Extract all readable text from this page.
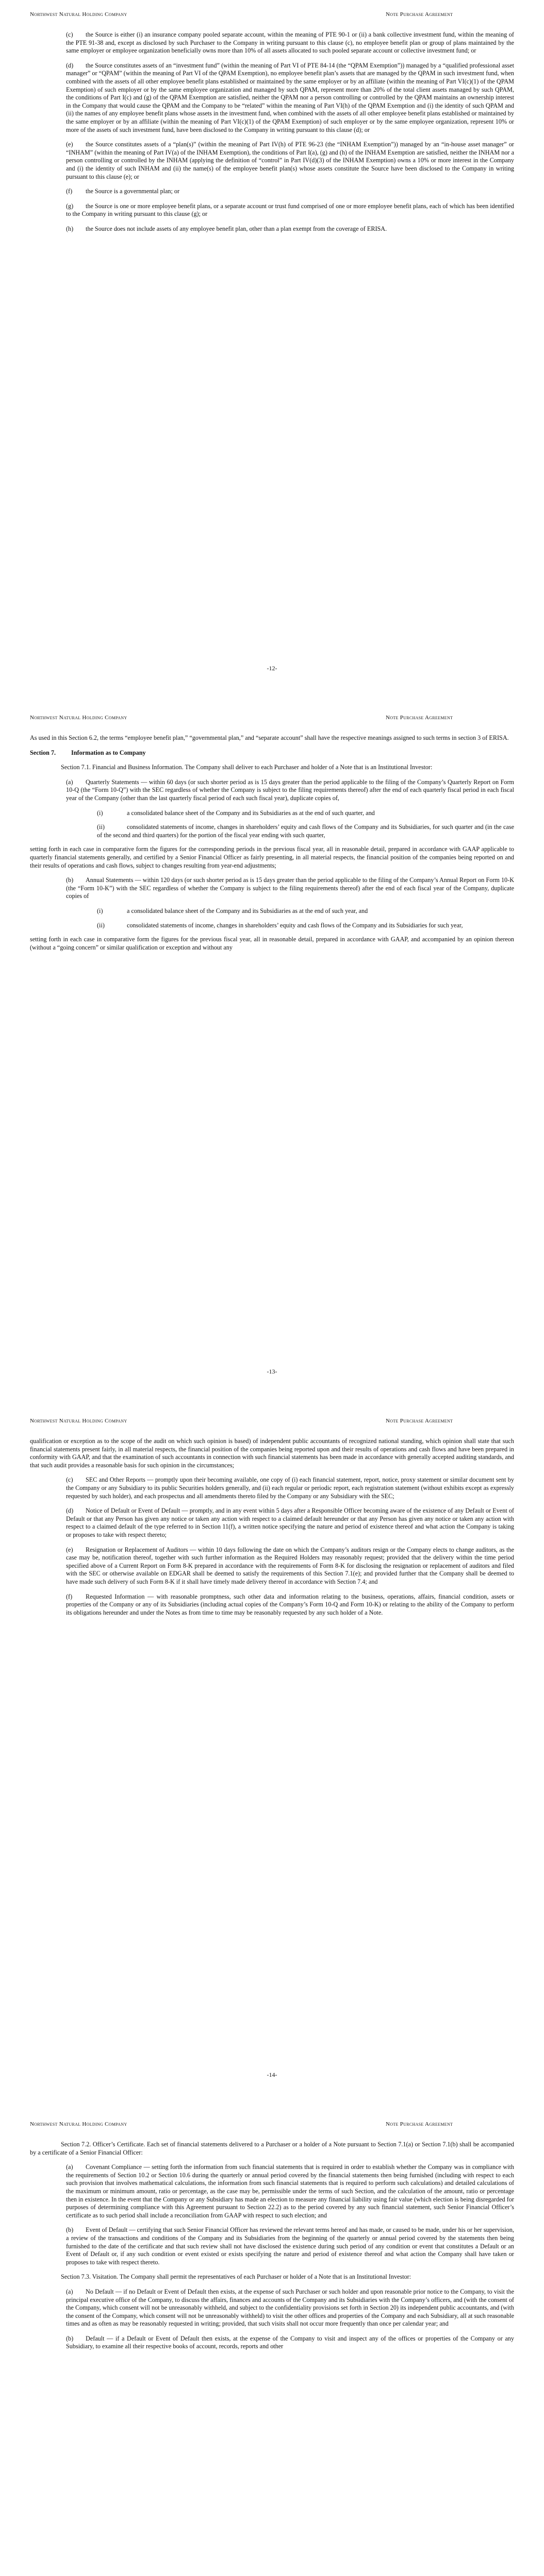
Northwest Natural Holding Company	Note Purchase Agreement

(c) the Source is either (i) an insurance company pooled separate account, within the meaning of PTE 90-1 or (ii) a bank collective investment fund, within the meaning of the PTE 91-38 and, except as disclosed by such Purchaser to the Company in writing pursuant to this clause (c), no employee benefit plan or group of plans maintained by the same employer or employee organization beneficially owns more than 10% of all assets allocated to such pooled separate account or collective investment fund; or

(d) the Source constitutes assets of an “investment fund” (within the meaning of Part VI of PTE 84-14 (the “QPAM Exemption”)) managed by a “qualified professional asset manager” or “QPAM” (within the meaning of Part VI of the QPAM Exemption), no employee benefit plan’s assets that are managed by the QPAM in such investment fund, when combined with the assets of all other employee benefit plans established or maintained by the same employer or by an affiliate (within the meaning of Part VI(c)(1) of the QPAM Exemption) of such employer or by the same employee organization and managed by such QPAM, represent more than 20% of the total client assets managed by such QPAM, the conditions of Part I(c) and (g) of the QPAM Exemption are satisfied, neither the QPAM nor a person controlling or controlled by the QPAM maintains an ownership interest in the Company that would cause the QPAM and the Company to be “related” within the meaning of Part VI(h) of the QPAM Exemption and (i) the identity of such QPAM and (ii) the names of any employee benefit plans whose assets in the investment fund, when combined with the assets of all other employee benefit plans established or maintained by the same employer or by an affiliate (within the meaning of Part VI(c)(1) of the QPAM Exemption) of such employer or by the same employee organization, represent 10% or more of the assets of such investment fund, have been disclosed to the Company in writing pursuant to this clause (d); or

(e) the Source constitutes assets of a “plan(s)” (within the meaning of Part IV(h) of PTE 96-23 (the “INHAM Exemption”)) managed by an “in-house asset manager” or “INHAM” (within the meaning of Part IV(a) of the INHAM Exemption), the conditions of Part I(a), (g) and (h) of the INHAM Exemption are satisfied, neither the INHAM nor a person controlling or controlled by the INHAM (applying the definition of “control” in Part IV(d)(3) of the INHAM Exemption) owns a 10% or more interest in the Company and (i) the identity of such INHAM and (ii) the name(s) of the employee benefit plan(s) whose assets constitute the Source have been disclosed to the Company in writing pursuant to this clause (e); or

(f) the Source is a governmental plan; or

(g) the Source is one or more employee benefit plans, or a separate account or trust fund comprised of one or more employee benefit plans, each of which has been identified to the Company in writing pursuant to this clause (g); or

(h) the Source does not include assets of any employee benefit plan, other than a plan exempt from the coverage of ERISA.

-12-
Northwest Natural Holding Company	Note Purchase Agreement

As used in this Section 6.2, the terms “employee benefit plan,” “governmental plan,” and “separate account” shall have the respective meanings assigned to such terms in section 3 of ERISA.

Section 7. Information as to Company

Section 7.1. Financial and Business Information. The Company shall deliver to each Purchaser and holder of a Note that is an Institutional Investor:

(a) Quarterly Statements — within 60 days (or such shorter period as is 15 days greater than the period applicable to the filing of the Company’s Quarterly Report on Form 10-Q (the “Form 10-Q”) with the SEC regardless of whether the Company is subject to the filing requirements thereof) after the end of each quarterly fiscal period in each fiscal year of the Company (other than the last quarterly fiscal period of each such fiscal year), duplicate copies of,

(i)	a consolidated balance sheet of the Company and its Subsidiaries as at the end of such quarter, and

(ii)	consolidated statements of income, changes in shareholders’ equity and cash flows of the Company and its Subsidiaries, for such quarter and (in the case of the second and third quarters) for the portion of the fiscal year ending with such quarter,

setting forth in each case in comparative form the figures for the corresponding periods in the previous fiscal year, all in reasonable detail, prepared in accordance with GAAP applicable to quarterly financial statements generally, and certified by a Senior Financial Officer as fairly presenting, in all material respects, the financial position of the companies being reported on and their results of operations and cash flows, subject to changes resulting from year-end adjustments;

(b) Annual Statements — within 120 days (or such shorter period as is 15 days greater than the period applicable to the filing of the Company’s Annual Report on Form 10-K (the “Form 10-K”) with the SEC regardless of whether the Company is subject to the filing requirements thereof) after the end of each fiscal year of the Company, duplicate copies of

(i)	a consolidated balance sheet of the Company and its Subsidiaries as at the end of such year, and

(ii)	consolidated statements of income, changes in shareholders’ equity and cash flows of the Company and its Subsidiaries for such year,

setting forth in each case in comparative form the figures for the previous fiscal year, all in reasonable detail, prepared in accordance with GAAP, and accompanied by an opinion thereon (without a “going concern” or similar qualification or exception and without any

-13-
Northwest Natural Holding Company	Note Purchase Agreement

qualification or exception as to the scope of the audit on which such opinion is based) of independent public accountants of recognized national standing, which opinion shall state that such financial statements present fairly, in all material respects, the financial position of the companies being reported upon and their results of operations and cash flows and have been prepared in conformity with GAAP, and that the examination of such accountants in connection with such financial statements has been made in accordance with generally accepted auditing standards, and that such audit provides a reasonable basis for such opinion in the circumstances;

(c) SEC and Other Reports — promptly upon their becoming available, one copy of (i) each financial statement, report, notice, proxy statement or similar document sent by the Company or any Subsidiary to its public Securities holders generally, and (ii) each regular or periodic report, each registration statement (without exhibits except as expressly requested by such holder), and each prospectus and all amendments thereto filed by the Company or any Subsidiary with the SEC;

(d) Notice of Default or Event of Default — promptly, and in any event within 5 days after a Responsible Officer becoming aware of the existence of any Default or Event of Default or that any Person has given any notice or taken any action with respect to a claimed default hereunder or that any Person has given any notice or taken any action with respect to a claimed default of the type referred to in Section 11(f), a written notice specifying the nature and period of existence thereof and what action the Company is taking or proposes to take with respect thereto;

(e) Resignation or Replacement of Auditors — within 10 days following the date on which the Company’s auditors resign or the Company elects to change auditors, as the case may be, notification thereof, together with such further information as the Required Holders may reasonably request; provided that the delivery within the time period specified above of a Current Report on Form 8-K prepared in accordance with the requirements of Form 8-K for disclosing the resignation or replacement of auditors and filed with the SEC or otherwise available on EDGAR shall be deemed to satisfy the requirements of this Section 7.1(e); and provided further that the Company shall be deemed to have made such delivery of such Form 8-K if it shall have timely made delivery thereof in accordance with Section 7.4; and

(f) Requested Information — with reasonable promptness, such other data and information relating to the business, operations, affairs, financial condition, assets or properties of the Company or any of its Subsidiaries (including actual copies of the Company’s Form 10-Q and Form 10-K) or relating to the ability of the Company to perform its obligations hereunder and under the Notes as from time to time may be reasonably requested by any such holder of a Note.

-14-
Northwest Natural Holding Company	Note Purchase Agreement

Section 7.2. Officer’s Certificate. Each set of financial statements delivered to a Purchaser or a holder of a Note pursuant to Section 7.1(a) or Section 7.1(b) shall be accompanied by a certificate of a Senior Financial Officer:

(a) Covenant Compliance — setting forth the information from such financial statements that is required in order to establish whether the Company was in compliance with the requirements of Section 10.2 or Section 10.6 during the quarterly or annual period covered by the financial statements then being furnished (including with respect to each such provision that involves mathematical calculations, the information from such financial statements that is required to perform such calculations) and detailed calculations of the maximum or minimum amount, ratio or percentage, as the case may be, permissible under the terms of such Section, and the calculation of the amount, ratio or percentage then in existence. In the event that the Company or any Subsidiary has made an election to measure any financial liability using fair value (which election is being disregarded for purposes of determining compliance with this Agreement pursuant to Section 22.2) as to the period covered by any such financial statement, such Senior Financial Officer’s certificate as to such period shall include a reconciliation from GAAP with respect to such election; and

(b) Event of Default — certifying that such Senior Financial Officer has reviewed the relevant terms hereof and has made, or caused to be made, under his or her supervision, a review of the transactions and conditions of the Company and its Subsidiaries from the beginning of the quarterly or annual period covered by the statements then being furnished to the date of the certificate and that such review shall not have disclosed the existence during such period of any condition or event that constitutes a Default or an Event of Default or, if any such condition or event existed or exists specifying the nature and period of existence thereof and what action the Company shall have taken or proposes to take with respect thereto.

Section 7.3. Visitation. The Company shall permit the representatives of each Purchaser or holder of a Note that is an Institutional Investor:

(a) No Default — if no Default or Event of Default then exists, at the expense of such Purchaser or such holder and upon reasonable prior notice to the Company, to visit the principal executive office of the Company, to discuss the affairs, finances and accounts of the Company and its Subsidiaries with the Company’s officers, and (with the consent of the Company, which consent will not be unreasonably withheld, and subject to the confidentiality provisions set forth in Section 20) its independent public accountants, and (with the consent of the Company, which consent will not be unreasonably withheld) to visit the other offices and properties of the Company and each Subsidiary, all at such reasonable times and as often as may be reasonably requested in writing; provided, that such visits shall not occur more frequently than once per calendar year; and

(b) Default — if a Default or Event of Default then exists, at the expense of the Company to visit and inspect any of the offices or properties of the Company or any Subsidiary, to examine all their respective books of account, records, reports and other
